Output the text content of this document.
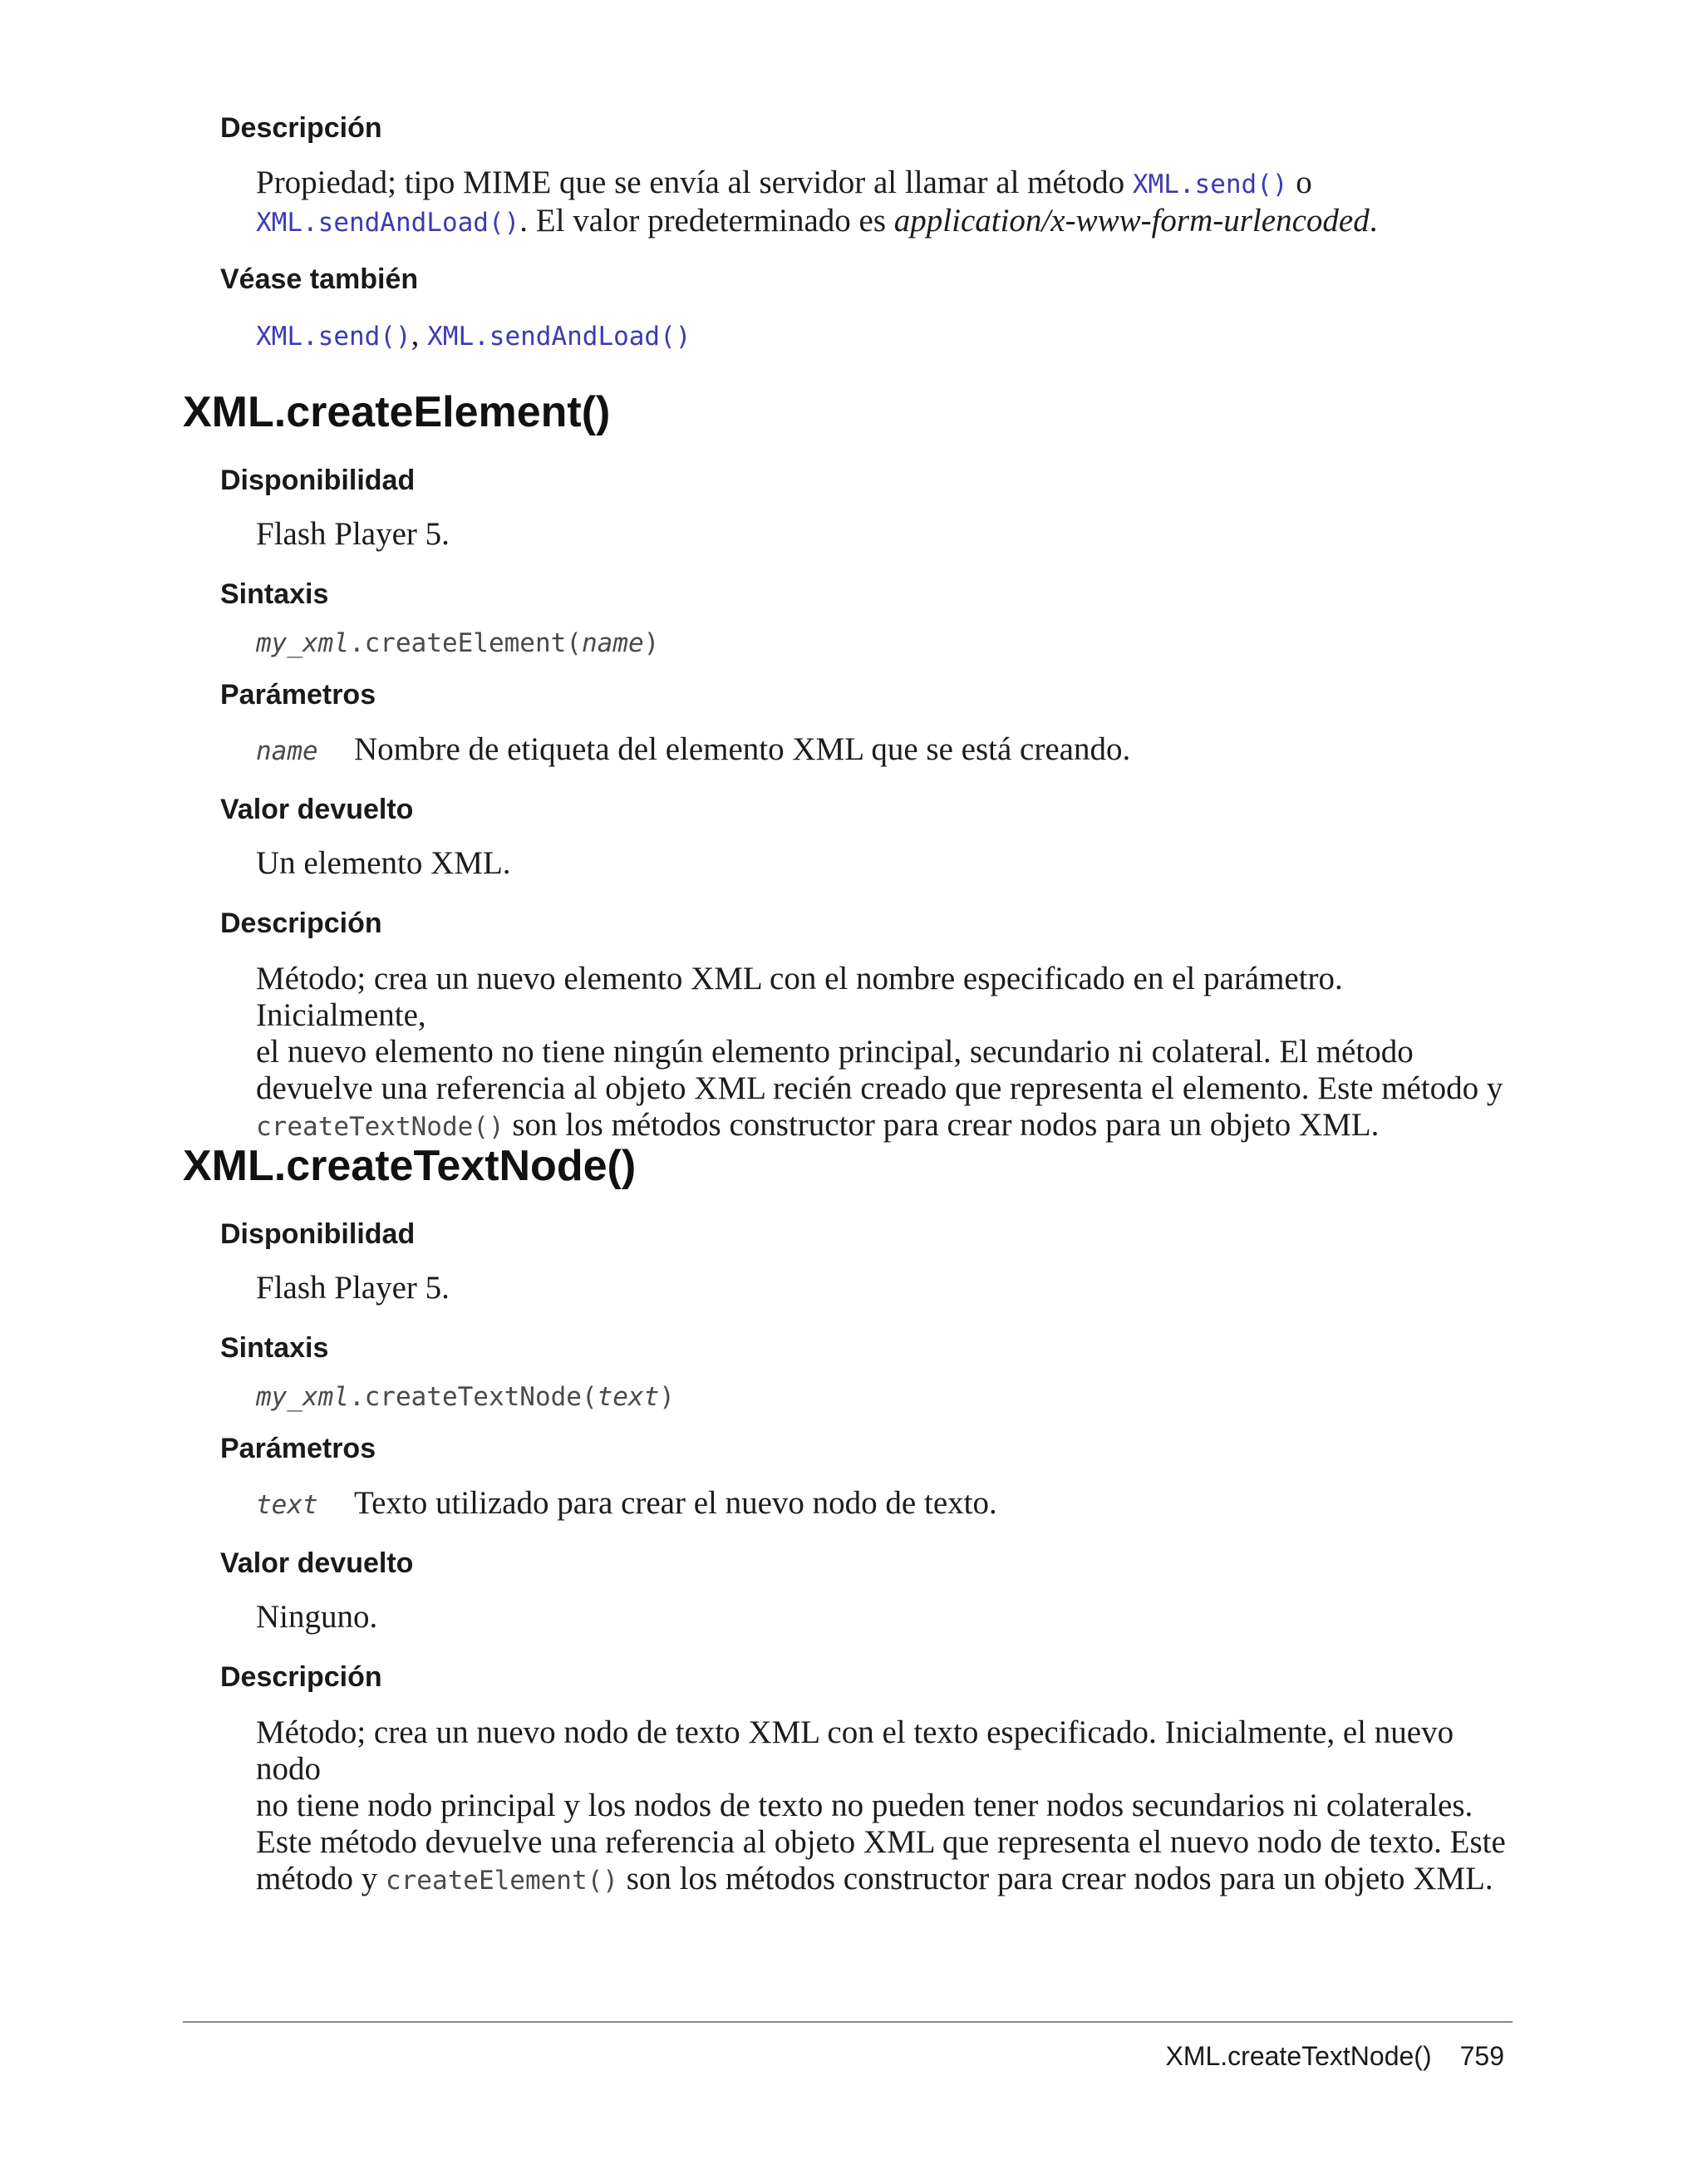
Descripción

Propiedad; tipo MIME que se envía al servidor al llamar al método XML.send() o
XML.sendAndLoad(). El valor predeterminado es application/x-www-form-urlencoded.

Véase también

XML.send(), XML.sendAndLoad()

XML.createElement()
Disponibilidad

Flash Player 5.

Sintaxis

my_xml.createElement(name)

Parámetros

name Nombre de etiqueta del elemento XML que se está creando.

Valor devuelto

Un elemento XML.

Descripción

Método; crea un nuevo elemento XML con el nombre especificado en el parámetro. Inicialmente,
el nuevo elemento no tiene ningún elemento principal, secundario ni colateral. El método
devuelve una referencia al objeto XML recién creado que representa el elemento. Este método y
createTextNode() son los métodos constructor para crear nodos para un objeto XML.

XML.createTextNode()
Disponibilidad

Flash Player 5.

Sintaxis

my_xml.createTextNode(text)

Parámetros

text Texto utilizado para crear el nuevo nodo de texto.

Valor devuelto

Ninguno.

Descripción

Método; crea un nuevo nodo de texto XML con el texto especificado. Inicialmente, el nuevo nodo
no tiene nodo principal y los nodos de texto no pueden tener nodos secundarios ni colaterales.
Este método devuelve una referencia al objeto XML que representa el nuevo nodo de texto. Este
método y createElement() son los métodos constructor para crear nodos para un objeto XML.

XML.createTextNode() 759
